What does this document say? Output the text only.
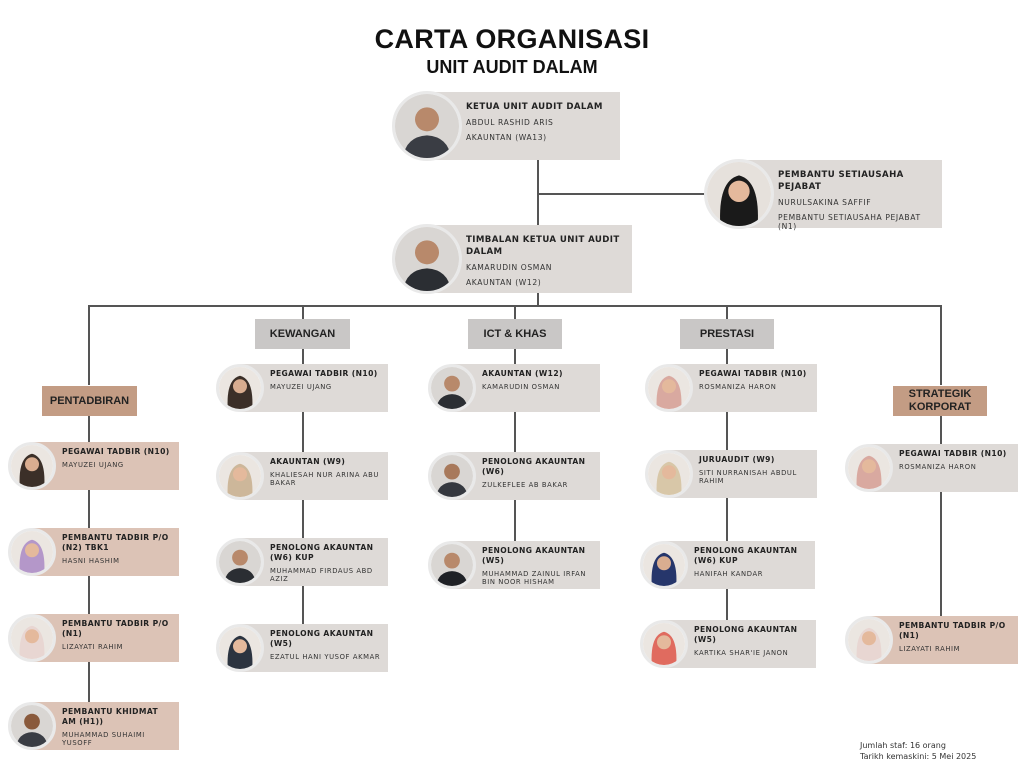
CARTA ORGANISASI
UNIT AUDIT DALAM
KETUA UNIT AUDIT DALAM
ABDUL RASHID ARIS
AKAUNTAN (WA13)
PEMBANTU SETIAUSAHA PEJABAT
NURULSAKINA SAFFIF
PEMBANTU SETIAUSAHA PEJABAT (N1)
TIMBALAN KETUA UNIT AUDIT DALAM
KAMARUDIN OSMAN
AKAUNTAN (W12)
KEWANGAN	ICT & KHAS	PRESTASI
PENTADBIRAN
STRATEGIK KORPORAT
PEGAWAI TADBIR (N10)
MAYUZEI UJANG
PEMBANTU TADBIR P/O (N2) TBK1
HASNI HASHIM
PEMBANTU TADBIR P/O (N1)
LIZAYATI RAHIM
PEMBANTU KHIDMAT AM (H1))
MUHAMMAD SUHAIMI YUSOFF
PEGAWAI TADBIR (N10)
MAYUZEI UJANG
AKAUNTAN (W9)
KHALIESAH NUR ARINA ABU BAKAR
PENOLONG AKAUNTAN (W6) KUP
MUHAMMAD FIRDAUS ABD AZIZ
PENOLONG AKAUNTAN (W5)
EZATUL HANI YUSOF AKMAR
AKAUNTAN (W12)
KAMARUDIN OSMAN
PENOLONG AKAUNTAN (W6)
ZULKEFLEE AB BAKAR
PENOLONG AKAUNTAN (W5)
MUHAMMAD ZAINUL IRFAN BIN NOOR HISHAM
PEGAWAI TADBIR (N10)
ROSMANIZA HARON
JURUAUDIT (W9)
SITI NURRANISAH ABDUL RAHIM
PENOLONG AKAUNTAN (W6) KUP
HANIFAH KANDAR
PENOLONG AKAUNTAN (W5)
KARTIKA SHAR'IE JANON
PEGAWAI TADBIR (N10)
ROSMANIZA HARON
PEMBANTU TADBIR P/O (N1)
LIZAYATI RAHIM
Jumlah staf: 16 orang
Tarikh kemaskini: 5 Mei 2025
